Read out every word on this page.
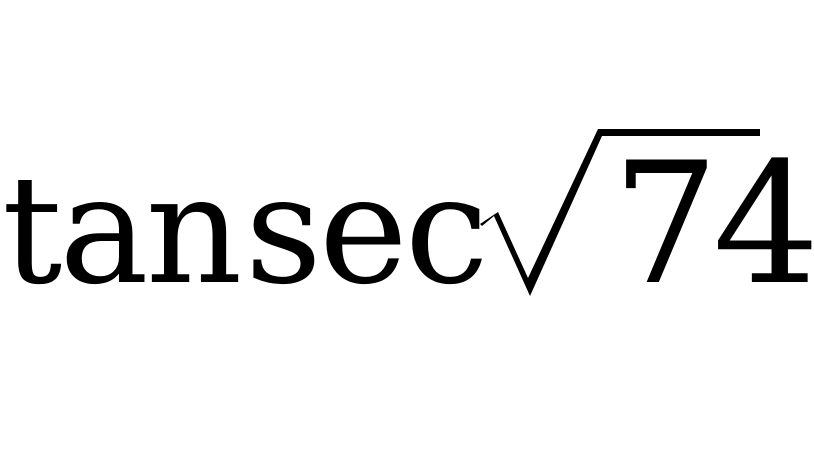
tan sec 74
